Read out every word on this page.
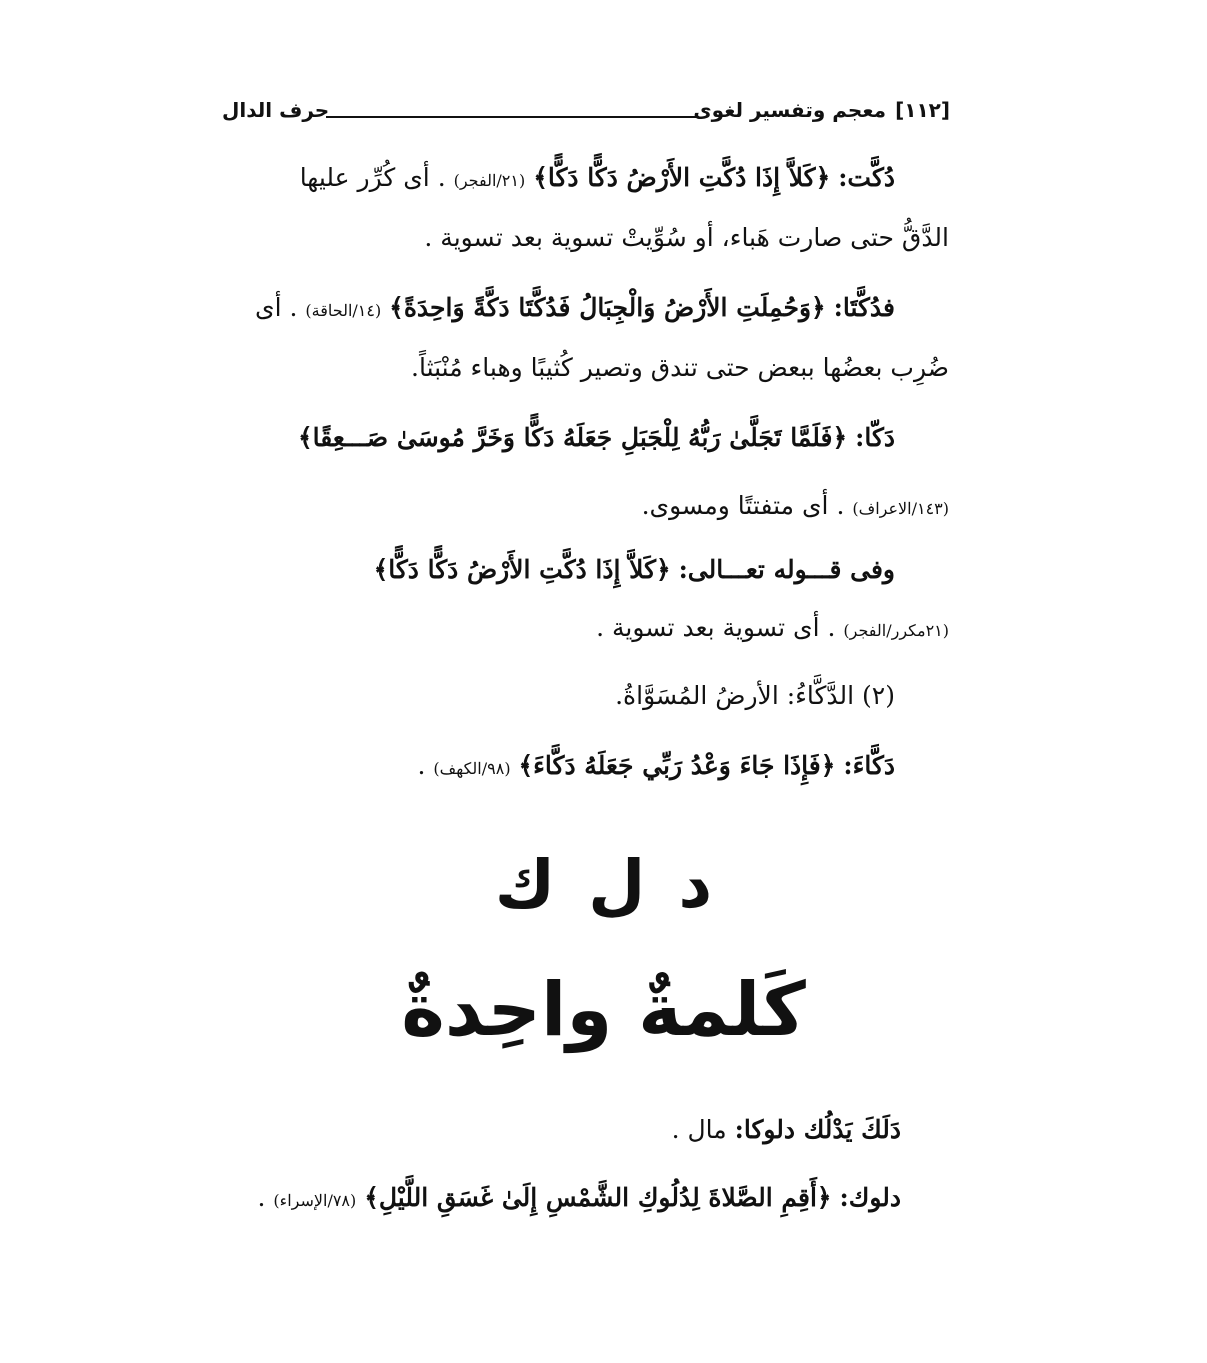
[١١٢]
معجم وتفسير لغوى
حرف الدال
دُكَّت: ﴿كَلاَّ إِذَا دُكَّتِ الأَرْضُ دَكًّا دَكًّا﴾ (٢١/الفجر) . أى كُرِّر عليها
الدَّقُّ حتى صارت هَباء، أو سُوِّيتْ تسوية بعد تسوية .
فدُكَّتَا: ﴿وَحُمِلَتِ الأَرْضُ وَالْجِبَالُ فَدُكَّتَا دَكَّةً وَاحِدَةً﴾ (١٤/الحاقة) . أى
ضُرِب بعضُها ببعض حتى تندق وتصير كُثيبًا وهباء مُنْبَثاً.
دَكّا: ﴿فَلَمَّا تَجَلَّىٰ رَبُّهُ لِلْجَبَلِ جَعَلَهُ دَكًّا وَخَرَّ مُوسَىٰ صَـــعِقًا﴾
(١٤٣/الاعراف) . أى متفتتًا ومسوى.
وفى قـــوله تعـــالى: ﴿كَلاَّ إِذَا دُكَّتِ الأَرْضُ دَكًّا دَكًّا﴾
(٢١مكرر/الفجر) . أى تسوية بعد تسوية .
(٢) الدَّكَّاءُ: الأرضُ المُسَوَّاةُ.
دَكَّاءَ: ﴿فَإِذَا جَاءَ وَعْدُ رَبِّي جَعَلَهُ دَكَّاءَ﴾ (٩٨/الكهف) .
د ل ك
كَلمةٌ واحِدةٌ
دَلَكَ يَدْلُك دلوكا: مال .
دلوك: ﴿أَقِمِ الصَّلاةَ لِدُلُوكِ الشَّمْسِ إِلَىٰ غَسَقِ اللَّيْلِ﴾ (٧٨/الإسراء) .
